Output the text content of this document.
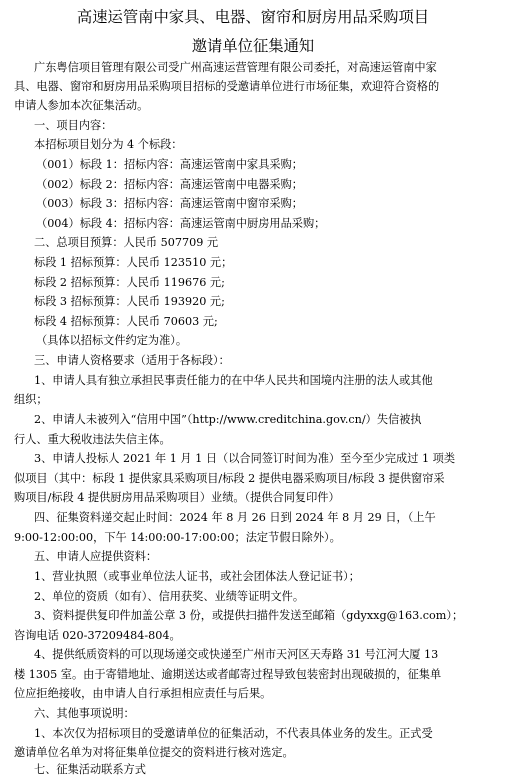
高速运管南中家具、电器、窗帘和厨房用品采购项目
邀请单位征集通知
广东粤信项目管理有限公司受广州高速运营管理有限公司委托，对高速运管南中家
具、电器、窗帘和厨房用品采购项目招标的受邀请单位进行市场征集，欢迎符合资格的
申请人参加本次征集活动。
一、项目内容：
本招标项目划分为 4 个标段：
（001）标段 1：招标内容：高速运管南中家具采购；
（002）标段 2：招标内容：高速运管南中电器采购；
（003）标段 3：招标内容：高速运管南中窗帘采购；
（004）标段 4：招标内容：高速运管南中厨房用品采购；
二、总项目预算：人民币 507709 元
标段 1 招标预算：人民币 123510 元；
标段 2 招标预算：人民币 119676 元;
标段 3 招标预算：人民币 193920 元;
标段 4 招标预算：人民币 70603 元;
（具体以招标文件约定为准）。
三、申请人资格要求（适用于各标段）：
1、申请人具有独立承担民事责任能力的在中华人民共和国境内注册的法人或其他
组织；
2、申请人未被列入“信用中国”（http://www.creditchina.gov.cn/）失信被执
行人、重大税收违法失信主体。
3、申请人投标人 2021 年 1 月 1 日（以合同签订时间为准）至今至少完成过 1 项类
似项目（其中：标段 1 提供家具采购项目/标段 2 提供电器采购项目/标段 3 提供窗帘采
购项目/标段 4 提供厨房用品采购项目）业绩。（提供合同复印件）
四、征集资料递交起止时间：2024 年 8 月 26 日到 2024 年 8 月 29 日，（上午
9:00-12:00:00，下午 14:00:00-17:00:00；法定节假日除外）。
五、申请人应提供资料：
1、营业执照（或事业单位法人证书，或社会团体法人登记证书）；
2、单位的资质（如有）、信用获奖、业绩等证明文件。
3、资料提供复印件加盖公章 3 份，或提供扫描件发送至邮箱（gdyxxg@163.com）；
咨询电话 020-37209484-804。
4、提供纸质资料的可以现场递交或快递至广州市天河区天寿路 31 号江河大厦 13
楼 1305 室。由于寄错地址、逾期送达或者邮寄过程导致包装密封出现破损的，征集单
位应拒绝接收，由申请人自行承担相应责任与后果。
六、其他事项说明：
1、本次仅为招标项目的受邀请单位的征集活动，不代表具体业务的发生。正式受
邀请单位名单为对将征集单位提交的资料进行核对选定。
七、征集活动联系方式
